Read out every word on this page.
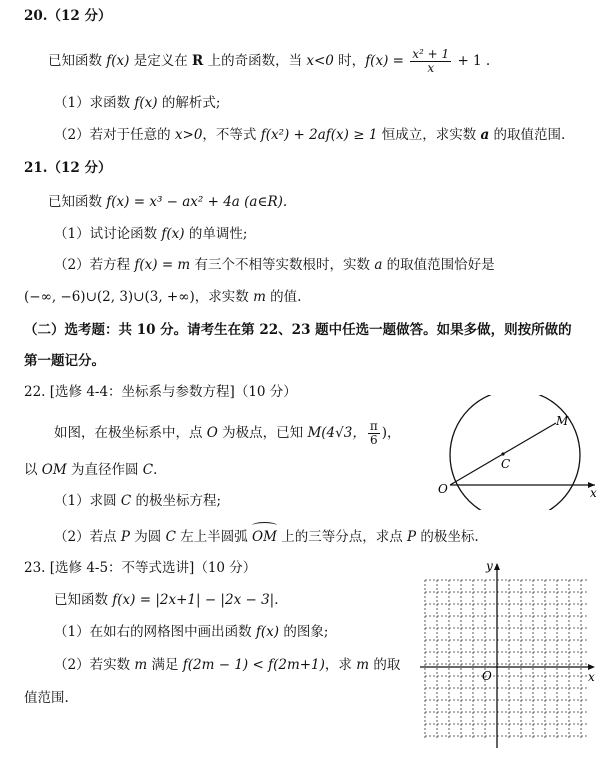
20.（12 分）
已知函数 f(x) 是定义在 R 上的奇函数，当 x<0 时，$f(x) = \frac{\text{x² + 1}}{x} + 1$ .
（1）求函数 f(x) 的解析式;
（2）若对于任意的 x>0，不等式 f(x²) + 2af(x) ≥ 1 恒成立，求实数 a 的取值范围.
21.（12 分）
已知函数 f(x) = x³ − ax² + 4a (a∈R).
（1）试讨论函数 f(x) 的单调性;
（2）若方程 f(x) = m 有三个不相等实数根时，实数 a 的取值范围恰好是
(−∞, −6)∪(2, 3)∪(3, +∞)，求实数 m 的值.
（二）选考题：共 10 分。请考生在第 22、23 题中任选一题做答。如果多做，则按所做的
第一题记分。
22. [选修 4-4：坐标系与参数方程]（10 分）
如图，在极坐标系中，点 O 为极点，已知 M(4√3， $\frac{\pi}{6}$ )，
以 OM 为直径作圆 C.
（1）求圆 C 的极坐标方程;
（2）若点 P 为圆 C 左上半圆弧 OM 上的三等分点，求点 P 的极坐标.
M
C
O	x
23. [选修 4-5：不等式选讲]（10 分）
已知函数 f(x) = |2x+1| − |2x − 3|.
（1）在如右的网格图中画出函数 f(x) 的图象;
（2）若实数 m 满足 f(2m − 1) < f(2m+1)，求 m 的取
值范围.
y
x
O
